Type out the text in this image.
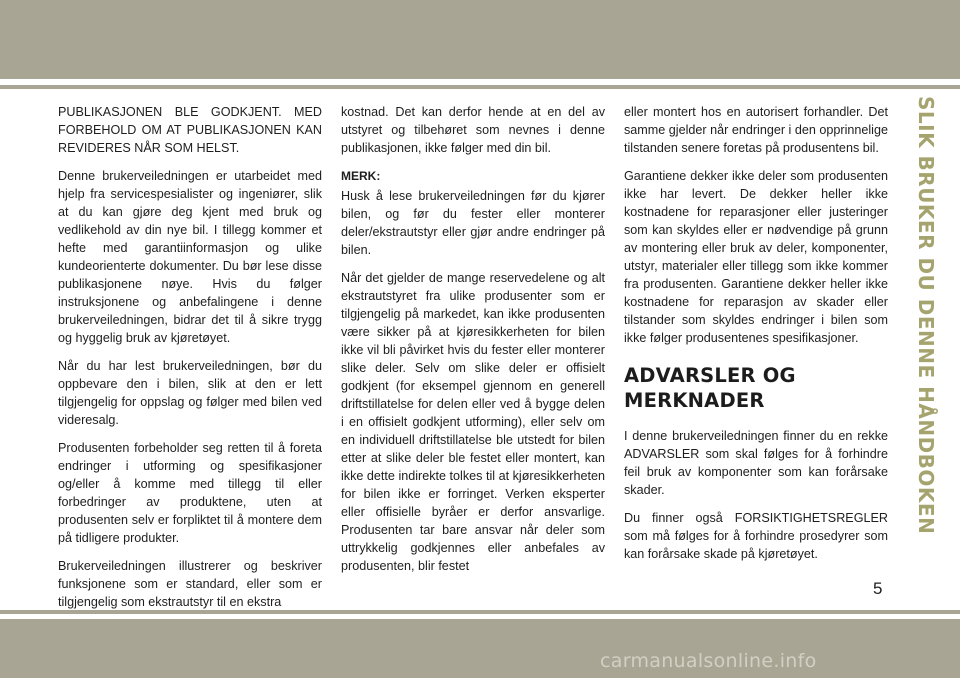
PUBLIKASJONEN BLE GODKJENT. MED FORBEHOLD OM AT PUBLIKASJONEN KAN REVIDERES NÅR SOM HELST.

Denne brukerveiledningen er utarbeidet med hjelp fra servicespesialister og ingeniører, slik at du kan gjøre deg kjent med bruk og vedlikehold av din nye bil. I tillegg kommer et hefte med garantiinformasjon og ulike kundeorienterte dokumenter. Du bør lese disse publikasjonene nøye. Hvis du følger instruksjonene og anbefalingene i denne brukerveiledningen, bidrar det til å sikre trygg og hyggelig bruk av kjøretøyet.

Når du har lest brukerveiledningen, bør du oppbevare den i bilen, slik at den er lett tilgjengelig for oppslag og følger med bilen ved videresalg.

Produsenten forbeholder seg retten til å foreta endringer i utforming og spesifikasjoner og/eller å komme med tillegg til eller forbedringer av produktene, uten at produsenten selv er forpliktet til å montere dem på tidligere produkter.

Brukerveiledningen illustrerer og beskriver funksjonene som er standard, eller som er tilgjengelig som ekstrautstyr til en ekstra

kostnad. Det kan derfor hende at en del av utstyret og tilbehøret som nevnes i denne publikasjonen, ikke følger med din bil.

MERK:

Husk å lese brukerveiledningen før du kjører bilen, og før du fester eller monterer deler/ekstrautstyr eller gjør andre endringer på bilen.

Når det gjelder de mange reservedelene og alt ekstrautstyret fra ulike produsenter som er tilgjengelig på markedet, kan ikke produsenten være sikker på at kjøresikkerheten for bilen ikke vil bli påvirket hvis du fester eller monterer slike deler. Selv om slike deler er offisielt godkjent (for eksempel gjennom en generell driftstillatelse for delen eller ved å bygge delen i en offisielt godkjent utforming), eller selv om en individuell driftstillatelse ble utstedt for bilen etter at slike deler ble festet eller montert, kan ikke dette indirekte tolkes til at kjøresikkerheten for bilen ikke er forringet. Verken eksperter eller offisielle byråer er derfor ansvarlige. Produsenten tar bare ansvar når deler som uttrykkelig godkjennes eller anbefales av produsenten, blir festet

eller montert hos en autorisert forhandler. Det samme gjelder når endringer i den opprinnelige tilstanden senere foretas på produsentens bil.

Garantiene dekker ikke deler som produsenten ikke har levert. De dekker heller ikke kostnadene for reparasjoner eller justeringer som kan skyldes eller er nødvendige på grunn av montering eller bruk av deler, komponenter, utstyr, materialer eller tillegg som ikke kommer fra produsenten. Garantiene dekker heller ikke kostnadene for reparasjon av skader eller tilstander som skyldes endringer i bilen som ikke følger produsentenes spesifikasjoner.

ADVARSLER OG MERKNADER

I denne brukerveiledningen finner du en rekke ADVARSLER som skal følges for å forhindre feil bruk av komponenter som kan forårsake skader.

Du finner også FORSIKTIGHETSREGLER som må følges for å forhindre prosedyrer som kan forårsake skade på kjøretøyet.

SLIK BRUKER DU DENNE HÅNDBOKEN
5
carmanualsonline.info
